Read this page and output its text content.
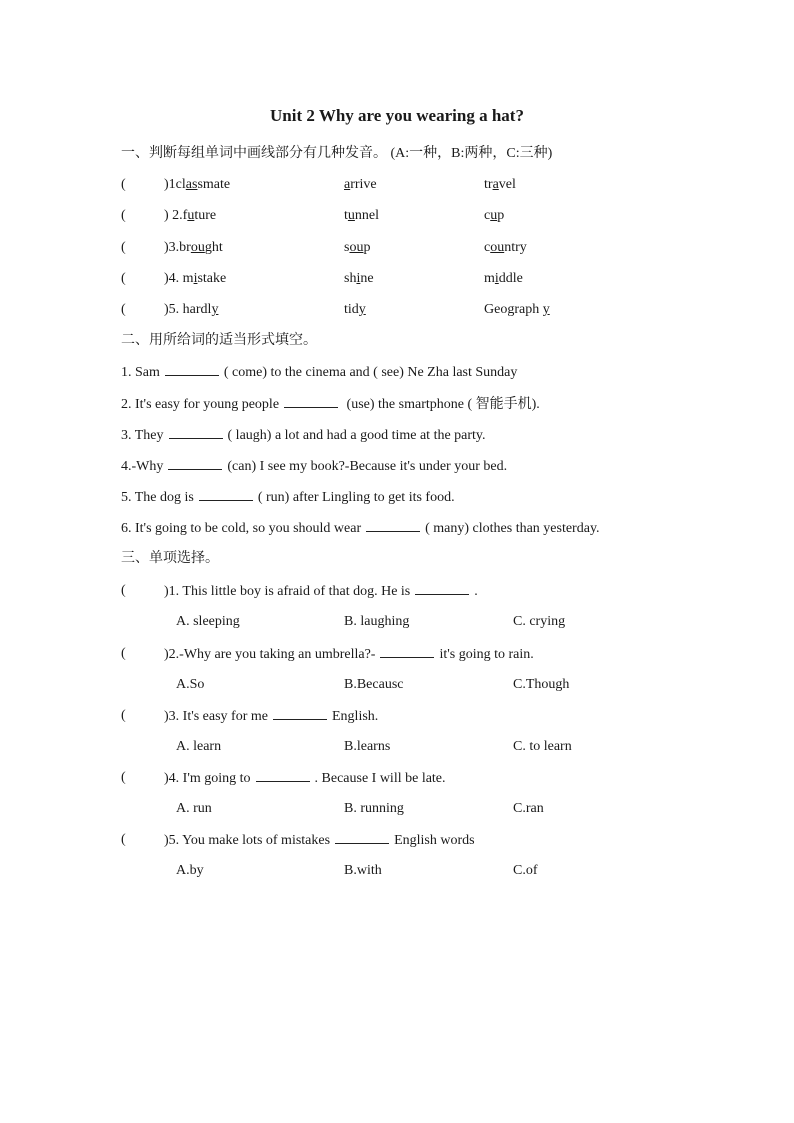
Unit 2 Why are you wearing a hat?
一、判断每组单词中画线部分有几种发音。 (A:一种，B:两种，C:三种)
(	)1classmate	arrive	travel
(	) 2.future	tunnel	cup
(	)3.brought	soup	country
(	)4. mistake	shine	middle
(	)5. hardly	tidy	Geograph y
二、用所给词的适当形式填空。
1. Sam	( come) to the cinema and ( see) Ne Zha last Sunday
2. It's easy for young people	(use) the smartphone ( 智能手机).
3. They	( laugh) a lot and had a good time at the party.
4.-Why	(can) I see my book?-Because it's under your bed.
5. The dog is	( run) after Lingling to get its food.
6. It's going to be cold, so you should wear	( many) clothes than yesterday.
三、单项选择。
(	)1. This little boy is afraid of that dog. He is	.
A. sleeping	B. laughing	C. crying
(	)2.-Why are you taking an umbrella?-	it's going to rain.
A.So	B.Becausc	C.Though
(	)3. It's easy for me	English.
A. learn	B.learns	C. to learn
(	)4. I'm going to	. Because I will be late.
A. run	B. running	C.ran
(	)5. You make lots of mistakes	English words
A.by	B.with	C.of
